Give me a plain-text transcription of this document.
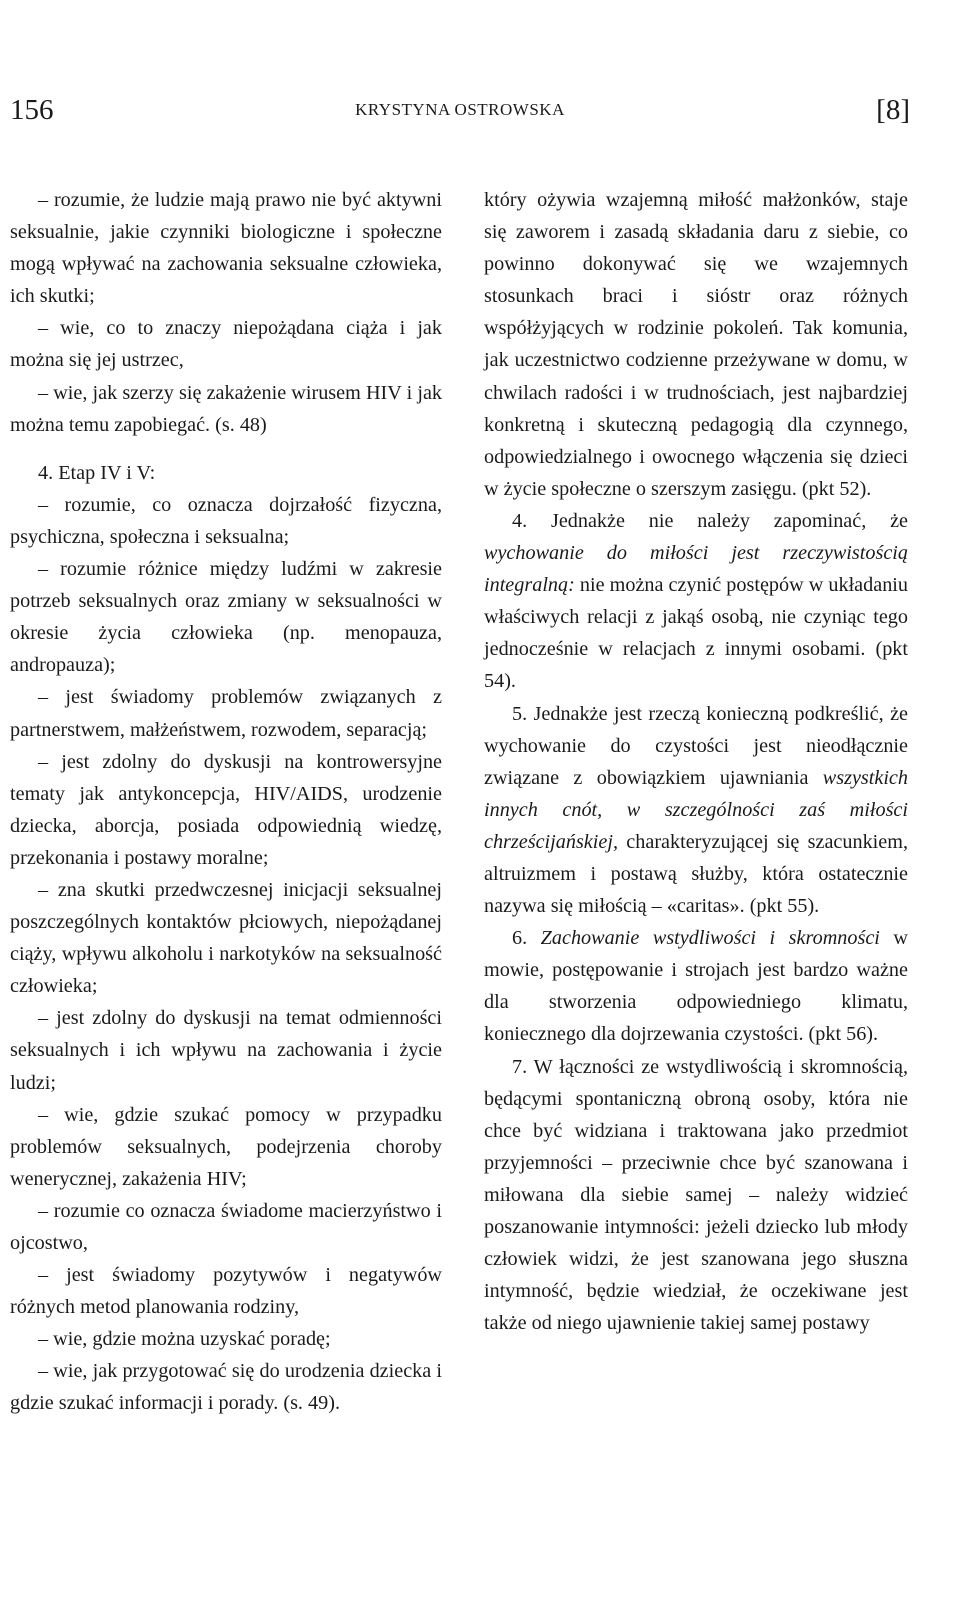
156	KRYSTYNA OSTROWSKA	[8]

– rozumie, że ludzie mają prawo nie być aktywni seksualnie, jakie czynniki biologiczne i społeczne mogą wpływać na zachowania seksualne człowieka, ich skutki;

– wie, co to znaczy niepożądana ciąża i jak można się jej ustrzec,

– wie, jak szerzy się zakażenie wirusem HIV i jak można temu zapobiegać. (s. 48)

4. Etap IV i V:

– rozumie, co oznacza dojrzałość fizyczna, psychiczna, społeczna i seksualna;

– rozumie różnice między ludźmi w zakresie potrzeb seksualnych oraz zmiany w seksualności w okresie życia człowieka (np. menopauza, andropauza);

– jest świadomy problemów związanych z partnerstwem, małżeństwem, rozwodem, separacją;

– jest zdolny do dyskusji na kontrowersyjne tematy jak antykoncepcja, HIV/AIDS, urodzenie dziecka, aborcja, posiada odpowiednią wiedzę, przekonania i postawy moralne;

– zna skutki przedwczesnej inicjacji seksualnej poszczególnych kontaktów płciowych, niepożądanej ciąży, wpływu alkoholu i narkotyków na seksualność człowieka;

– jest zdolny do dyskusji na temat odmienności seksualnych i ich wpływu na zachowania i życie ludzi;

– wie, gdzie szukać pomocy w przypadku problemów seksualnych, podejrzenia choroby wenerycznej, zakażenia HIV;

– rozumie co oznacza świadome macierzyństwo i ojcostwo,

– jest świadomy pozytywów i negatywów różnych metod planowania rodziny,

– wie, gdzie można uzyskać poradę;

– wie, jak przygotować się do urodzenia dziecka i gdzie szukać informacji i porady. (s. 49).

który ożywia wzajemną miłość małżonków, staje się zaworem i zasadą składania daru z siebie, co powinno dokonywać się we wzajemnych stosunkach braci i sióstr oraz różnych współżyjących w rodzinie pokoleń. Tak komunia, jak uczestnictwo codzienne przeżywane w domu, w chwilach radości i w trudnościach, jest najbardziej konkretną i skuteczną pedagogią dla czynnego, odpowiedzialnego i owocnego włączenia się dzieci w życie społeczne o szerszym zasięgu. (pkt 52).

4. Jednakże nie należy zapominać, że wychowanie do miłości jest rzeczywistością integralną: nie można czynić postępów w układaniu właściwych relacji z jakąś osobą, nie czyniąc tego jednocześnie w relacjach z innymi osobami. (pkt 54).

5. Jednakże jest rzeczą konieczną podkreślić, że wychowanie do czystości jest nieodłącznie związane z obowiązkiem ujawniania wszystkich innych cnót, w szczególności zaś miłości chrześcijańskiej, charakteryzującej się szacunkiem, altruizmem i postawą służby, która ostatecznie nazywa się miłością – «caritas». (pkt 55).

6. Zachowanie wstydliwości i skromności w mowie, postępowanie i strojach jest bardzo ważne dla stworzenia odpowiedniego klimatu, koniecznego dla dojrzewania czystości. (pkt 56).

7. W łączności ze wstydliwością i skromnością, będącymi spontaniczną obroną osoby, która nie chce być widziana i traktowana jako przedmiot przyjemności – przeciwnie chce być szanowana i miłowana dla siebie samej – należy widzieć poszanowanie intymności: jeżeli dziecko lub młody człowiek widzi, że jest szanowana jego słuszna intymność, będzie wiedział, że oczekiwane jest także od niego ujawnienie takiej samej postawy
